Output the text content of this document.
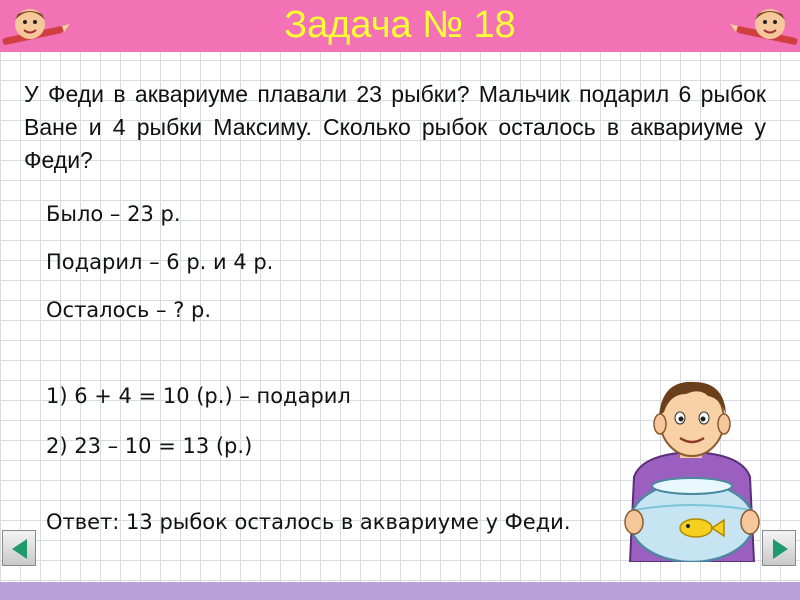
Задача № 18
У Феди в аквариуме плавали 23 рыбки? Мальчик подарил 6 рыбок Ване и 4 рыбки Максиму. Сколько рыбок осталось в аквариуме у Феди?
Было – 23 р.
Подарил – 6 р. и 4 р.
Осталось – ? р.
1) 6 + 4 = 10 (р.) – подарил
2) 23 – 10 = 13 (р.)
Ответ: 13 рыбок осталось в аквариуме у Феди.
